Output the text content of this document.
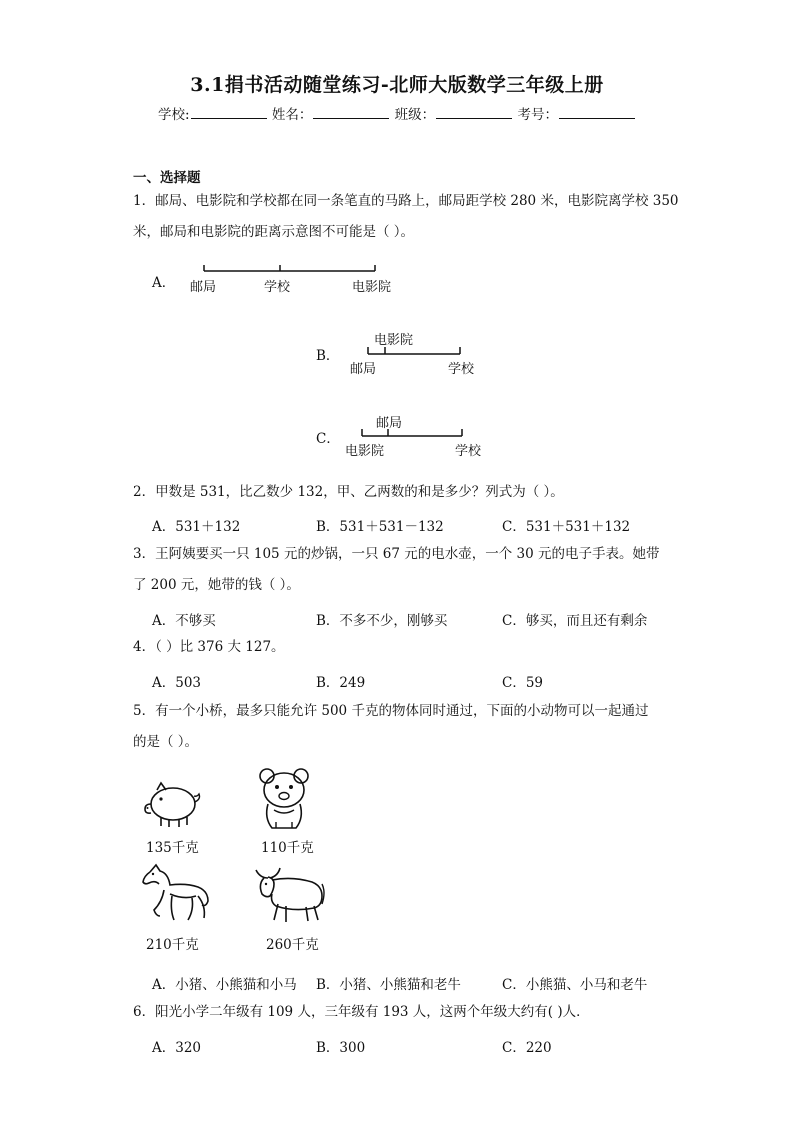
3.1捐书活动随堂练习-北师大版数学三年级上册
学校:	姓名：	班级：	考号：
一、选择题
1．邮局、电影院和学校都在同一条笔直的马路上，邮局距学校 280 米，电影院离学校 350
米，邮局和电影院的距离示意图不可能是（ ）。
A． 邮局	学校	电影院
B．
电影院
邮局	学校
C．
邮局
电影院	学校
2．甲数是 531，比乙数少 132，甲、乙两数的和是多少？列式为（ ）。
A．531＋132	B．531＋531－132	C．531＋531＋132
3．王阿姨要买一只 105 元的炒锅，一只 67 元的电水壶，一个 30 元的电子手表。她带
了 200 元，她带的钱（ ）。
A．不够买	B．不多不少，刚够买	C．够买，而且还有剩余
4．（ ）比 376 大 127。
A．503	B．249	C．59
5．有一个小桥，最多只能允许 500 千克的物体同时通过，下面的小动物可以一起通过
的是（ ）。
135千克	110千克
210千克	260千克
A．小猪、小熊猫和小马 B．小猪、小熊猫和老牛	C．小熊猫、小马和老牛
6．阳光小学二年级有 109 人，三年级有 193 人，这两个年级大约有( )人．
A．320	B．300	C．220
